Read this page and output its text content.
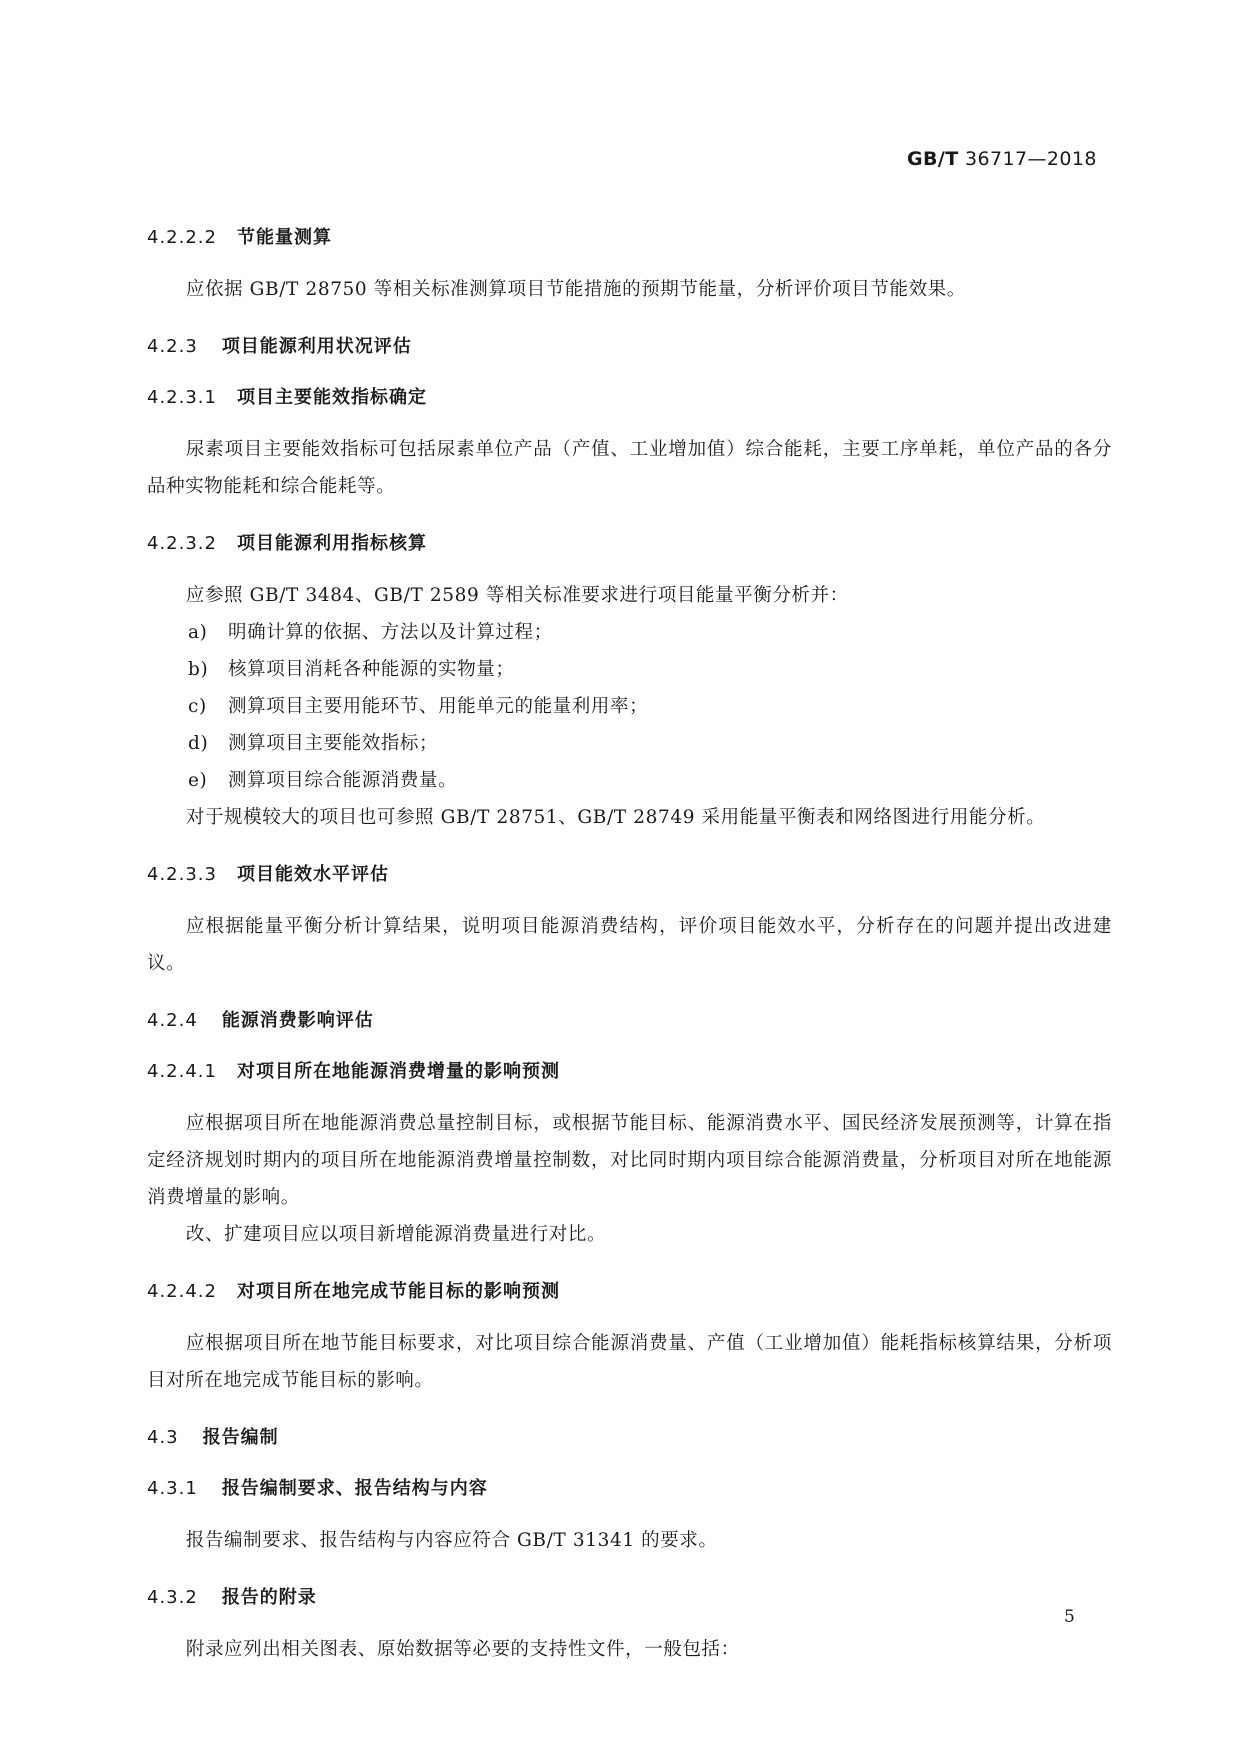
GB/T 36717—2018
4.2.2.2 节能量测算

应依据 GB/T 28750 等相关标准测算项目节能措施的预期节能量，分析评价项目节能效果。

4.2.3 项目能源利用状况评估
4.2.3.1 项目主要能效指标确定

尿素项目主要能效指标可包括尿素单位产品（产值、工业增加值）综合能耗，主要工序单耗，单位产品的各分品种实物能耗和综合能耗等。

4.2.3.2 项目能源利用指标核算

应参照 GB/T 3484、GB/T 2589 等相关标准要求进行项目能量平衡分析并：

a) 明确计算的依据、方法以及计算过程；
b) 核算项目消耗各种能源的实物量；
c) 测算项目主要用能环节、用能单元的能量利用率；
d) 测算项目主要能效指标；
e) 测算项目综合能源消费量。

对于规模较大的项目也可参照 GB/T 28751、GB/T 28749 采用能量平衡表和网络图进行用能分析。

4.2.3.3 项目能效水平评估

应根据能量平衡分析计算结果，说明项目能源消费结构，评价项目能效水平，分析存在的问题并提出改进建议。

4.2.4 能源消费影响评估
4.2.4.1 对项目所在地能源消费增量的影响预测

应根据项目所在地能源消费总量控制目标，或根据节能目标、能源消费水平、国民经济发展预测等，计算在指定经济规划时期内的项目所在地能源消费增量控制数，对比同时期内项目综合能源消费量，分析项目对所在地能源消费增量的影响。

改、扩建项目应以项目新增能源消费量进行对比。

4.2.4.2 对项目所在地完成节能目标的影响预测

应根据项目所在地节能目标要求，对比项目综合能源消费量、产值（工业增加值）能耗指标核算结果，分析项目对所在地完成节能目标的影响。

4.3 报告编制
4.3.1 报告编制要求、报告结构与内容

报告编制要求、报告结构与内容应符合 GB/T 31341 的要求。

4.3.2 报告的附录

附录应列出相关图表、原始数据等必要的支持性文件，一般包括：

5
